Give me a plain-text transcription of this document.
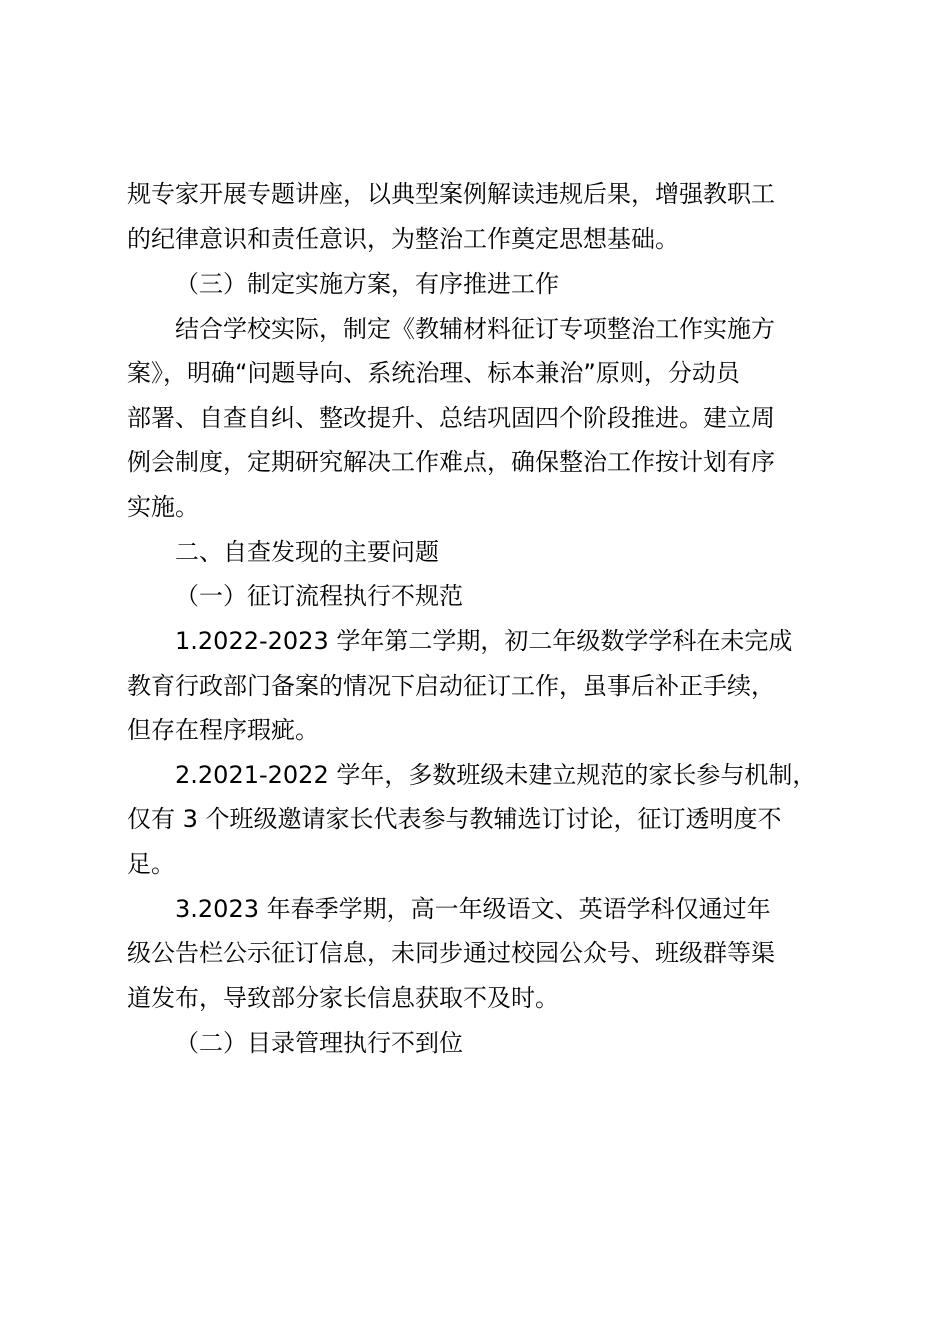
规专家开展专题讲座，以典型案例解读违规后果，增强教职工
的纪律意识和责任意识，为整治工作奠定思想基础。
（三）制定实施方案，有序推进工作
结合学校实际，制定《教辅材料征订专项整治工作实施方
案》，明确“问题导向、系统治理、标本兼治”原则，分动员
部署、自查自纠、整改提升、总结巩固四个阶段推进。建立周
例会制度，定期研究解决工作难点，确保整治工作按计划有序
实施。
二、自查发现的主要问题
（一）征订流程执行不规范
1.2022-2023 学年第二学期，初二年级数学学科在未完成
教育行政部门备案的情况下启动征订工作，虽事后补正手续，
但存在程序瑕疵。
2.2021-2022 学年，多数班级未建立规范的家长参与机制，
仅有 3 个班级邀请家长代表参与教辅选订讨论，征订透明度不
足。
3.2023 年春季学期，高一年级语文、英语学科仅通过年
级公告栏公示征订信息，未同步通过校园公众号、班级群等渠
道发布，导致部分家长信息获取不及时。
（二）目录管理执行不到位
